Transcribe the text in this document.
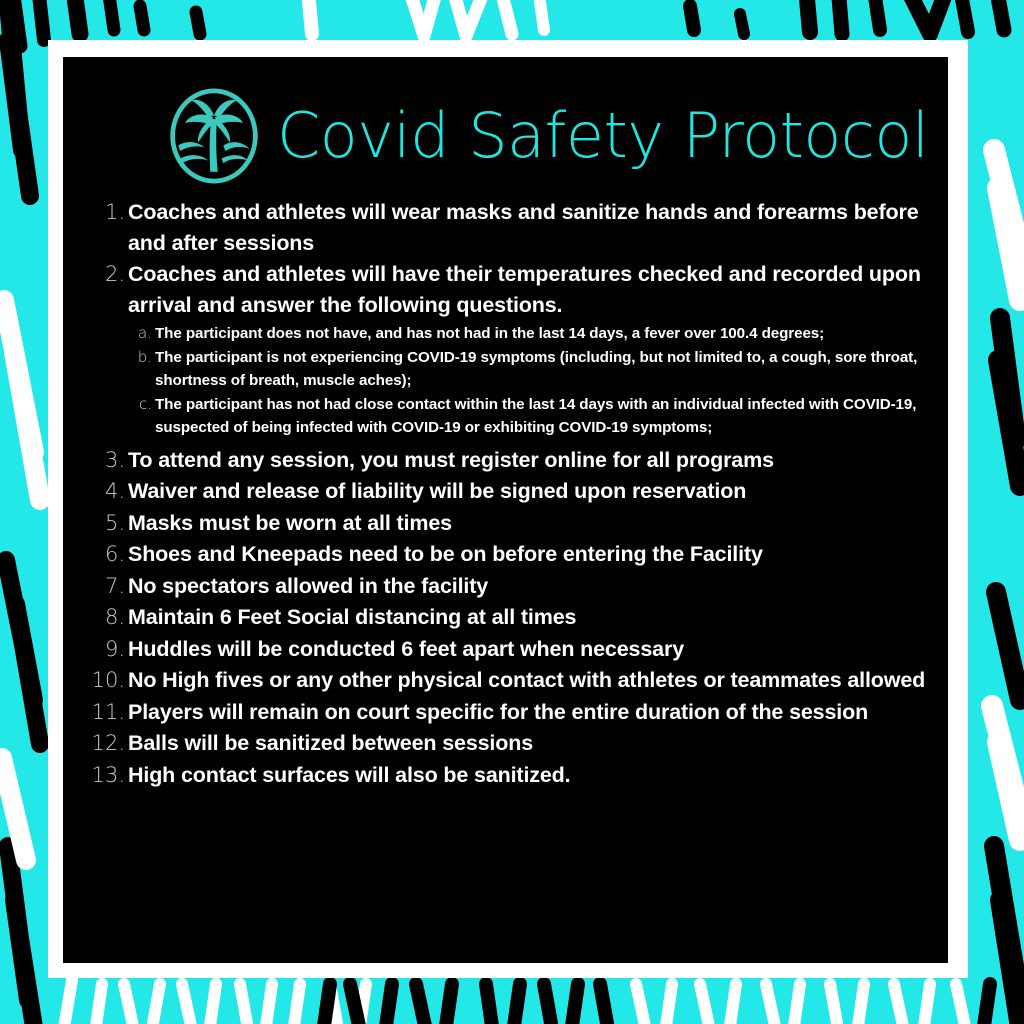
Covid Safety Protocol
1. Coaches and athletes will wear masks and sanitize hands and forearms before and after sessions
2. Coaches and athletes will have their temperatures checked and recorded upon arrival and answer the following questions.
a. The participant does not have, and has not had in the last 14 days, a fever over 100.4 degrees;
b. The participant is not experiencing COVID-19 symptoms (including, but not limited to, a cough, sore throat, shortness of breath, muscle aches);
c. The participant has not had close contact within the last 14 days with an individual infected with COVID-19, suspected of being infected with COVID-19 or exhibiting COVID-19 symptoms;
3. To attend any session, you must register online for all programs
4. Waiver and release of liability will be signed upon reservation
5. Masks must be worn at all times
6. Shoes and Kneepads need to be on before entering the Facility
7. No spectators allowed in the facility
8. Maintain 6 Feet Social distancing at all times
9. Huddles will be conducted 6 feet apart when necessary
10. No High fives or any other physical contact with athletes or teammates allowed
11. Players will remain on court specific for the entire duration of the session
12. Balls will be sanitized between sessions
13. High contact surfaces will also be sanitized.
